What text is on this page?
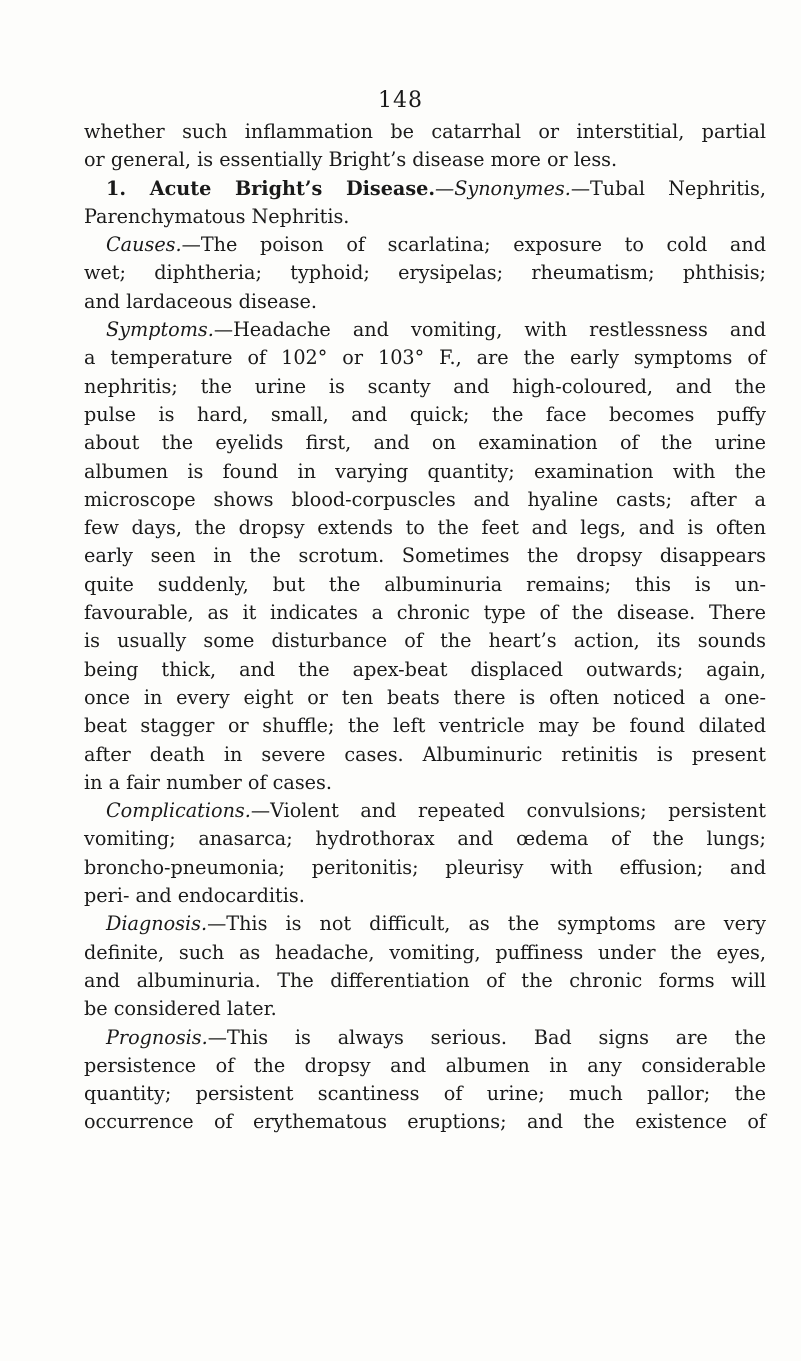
148
whether such inflammation be catarrhal or interstitial, partial
or general, is essentially Bright’s disease more or less.
1. Acute Bright’s Disease.—Synonymes.—Tubal Nephritis,
Parenchymatous Nephritis.
Causes.—The poison of scarlatina; exposure to cold and
wet; diphtheria; typhoid; erysipelas; rheumatism; phthisis;
and lardaceous disease.
Symptoms.—Headache and vomiting, with restlessness and
a temperature of 102° or 103° F., are the early symptoms of
nephritis; the urine is scanty and high-coloured, and the
pulse is hard, small, and quick; the face becomes puffy
about the eyelids first, and on examination of the urine
albumen is found in varying quantity; examination with the
microscope shows blood-corpuscles and hyaline casts; after a
few days, the dropsy extends to the feet and legs, and is often
early seen in the scrotum. Sometimes the dropsy disappears
quite suddenly, but the albuminuria remains; this is un-
favourable, as it indicates a chronic type of the disease. There
is usually some disturbance of the heart’s action, its sounds
being thick, and the apex-beat displaced outwards; again,
once in every eight or ten beats there is often noticed a one-
beat stagger or shuffle; the left ventricle may be found dilated
after death in severe cases. Albuminuric retinitis is present
in a fair number of cases.
Complications.—Violent and repeated convulsions; persistent
vomiting; anasarca; hydrothorax and œdema of the lungs;
broncho-pneumonia; peritonitis; pleurisy with effusion; and
peri- and endocarditis.
Diagnosis.—This is not difficult, as the symptoms are very
definite, such as headache, vomiting, puffiness under the eyes,
and albuminuria. The differentiation of the chronic forms will
be considered later.
Prognosis.—This is always serious. Bad signs are the
persistence of the dropsy and albumen in any considerable
quantity; persistent scantiness of urine; much pallor; the
occurrence of erythematous eruptions; and the existence of
